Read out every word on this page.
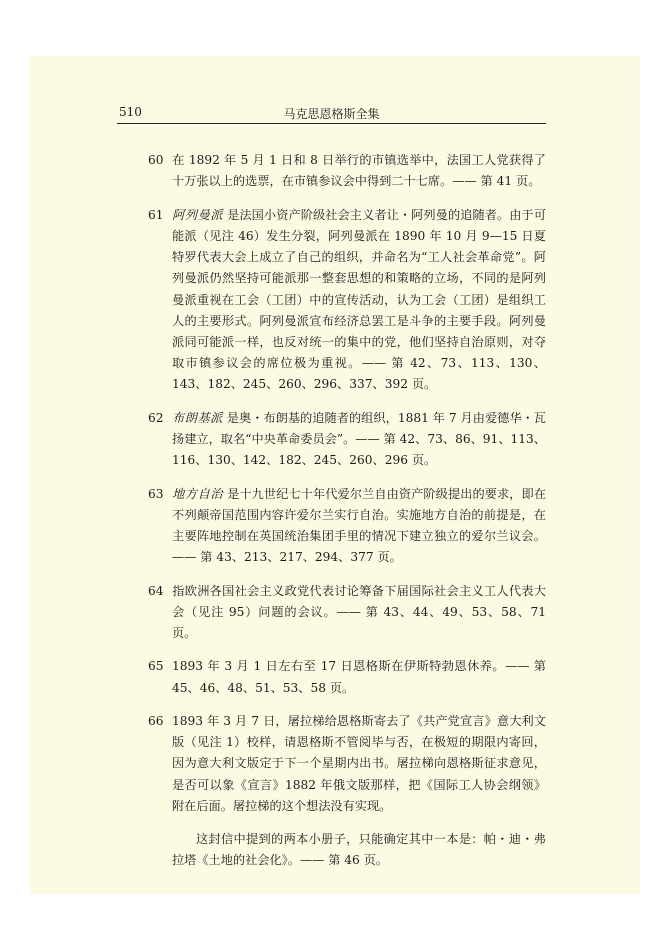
510	马克思恩格斯全集

60 在 1892 年 5 月 1 日和 8 日举行的市镇选举中，法国工人党获得了十万张以上的选票，在市镇参议会中得到二十七席。—— 第 41 页。

61 阿列曼派 是法国小资产阶级社会主义者让・阿列曼的追随者。由于可能派（见注 46）发生分裂，阿列曼派在 1890 年 10 月 9—15 日夏特罗代表大会上成立了自己的组织，并命名为“工人社会革命党”。阿列曼派仍然坚持可能派那一整套思想的和策略的立场，不同的是阿列曼派重视在工会（工团）中的宣传活动，认为工会（工团）是组织工人的主要形式。阿列曼派宣布经济总罢工是斗争的主要手段。阿列曼派同可能派一样，也反对统一的集中的党，他们坚持自治原则，对夺取市镇参议会的席位极为重视。—— 第 42、73、113、130、143、182、245、260、296、337、392 页。

62 布朗基派 是奥・布朗基的追随者的组织，1881 年 7 月由爱德华・瓦扬建立，取名“中央革命委员会”。—— 第 42、73、86、91、113、116、130、142、182、245、260、296 页。

63 地方自治 是十九世纪七十年代爱尔兰自由资产阶级提出的要求，即在不列颠帝国范围内容许爱尔兰实行自治。实施地方自治的前提是，在主要阵地控制在英国统治集团手里的情况下建立独立的爱尔兰议会。—— 第 43、213、217、294、377 页。

64 指欧洲各国社会主义政党代表讨论筹备下届国际社会主义工人代表大会（见注 95）问题的会议。—— 第 43、44、49、53、58、71 页。

65 1893 年 3 月 1 日左右至 17 日恩格斯在伊斯特勃恩休养。—— 第 45、46、48、51、53、58 页。

66 1893 年 3 月 7 日，屠拉梯给恩格斯寄去了《共产党宣言》意大利文版（见注 1）校样，请恩格斯不管阅毕与否，在极短的期限内寄回，因为意大利文版定于下一个星期内出书。屠拉梯向恩格斯征求意见，是否可以象《宣言》1882 年俄文版那样，把《国际工人协会纲领》附在后面。屠拉梯的这个想法没有实现。

这封信中提到的两本小册子，只能确定其中一本是：帕・迪・弗拉塔《土地的社会化》。—— 第 46 页。
